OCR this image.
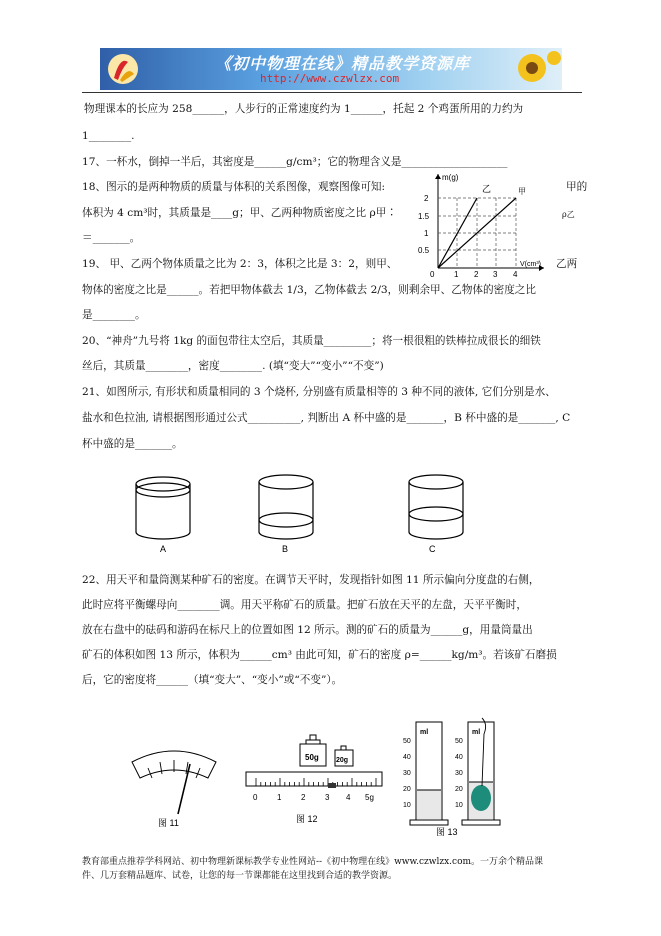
《初中物理在线》精品教学资源库
http://www.czwlzx.com
物理课本的长应为 258______，人步行的正常速度约为 1______，托起 2 个鸡蛋所用的力约为
1________.
17、一杯水，倒掉一半后，其密度是______g/cm³；它的物理含义是____________________
18、图示的是两种物质的质量与体积的关系图像，观察图像可知:	甲的
体积为 4 cm³时，其质量是____g；甲、乙两种物质密度之比 ρ甲∶	ρ乙
＝_______。
19、 甲、乙两个物体质量之比为 2：3，体积之比是 3：2，则甲、	乙两
物体的密度之比是______。若把甲物体截去 1/3，乙物体截去 2/3，则剩余甲、乙物体的密度之比
是________。
20、“神舟”九号将 1kg 的面包带往太空后，其质量_________；将一根很粗的铁棒拉成很长的细铁
丝后，其质量________，密度________. (填“变大”“变小”“不变”)
21、如图所示, 有形状和质量相同的 3 个烧杯, 分别盛有质量相等的 3 种不同的液体, 它们分别是水、
盐水和色拉油, 请根据图形通过公式__________, 判断出 A 杯中盛的是_______，B 杯中盛的是_______, C
杯中盛的是_______。
22、用天平和量筒测某种矿石的密度。在调节天平时，发现指针如图 11 所示偏向分度盘的右侧，
此时应将平衡螺母向________调。用天平称矿石的质量。把矿石放在天平的左盘，天平平衡时，
放在右盘中的砝码和游码在标尺上的位置如图 12 所示。测的矿石的质量为______g，用量筒量出
矿石的体积如图 13 所示，体积为______cm³ 由此可知，矿石的密度 ρ=______kg/m³。若该矿石磨损
后，它的密度将______（填“变大”、“变小”或“不变”）。
m(g)
V(cm³)
0
2
1.5
1
0.5
1 2 3 4
乙	甲
A	B	C
图 11
50g 20g
0 1 2 3 4 5g
图 12
ml
50
40
30
20
10
ml
50
40
30
20
10
图 13
教育部重点推荐学科网站、初中物理新课标教学专业性网站--《初中物理在线》www.czwlzx.com。一万余个精品课
件、几万套精品题库、试卷，让您的每一节课都能在这里找到合适的教学资源。
